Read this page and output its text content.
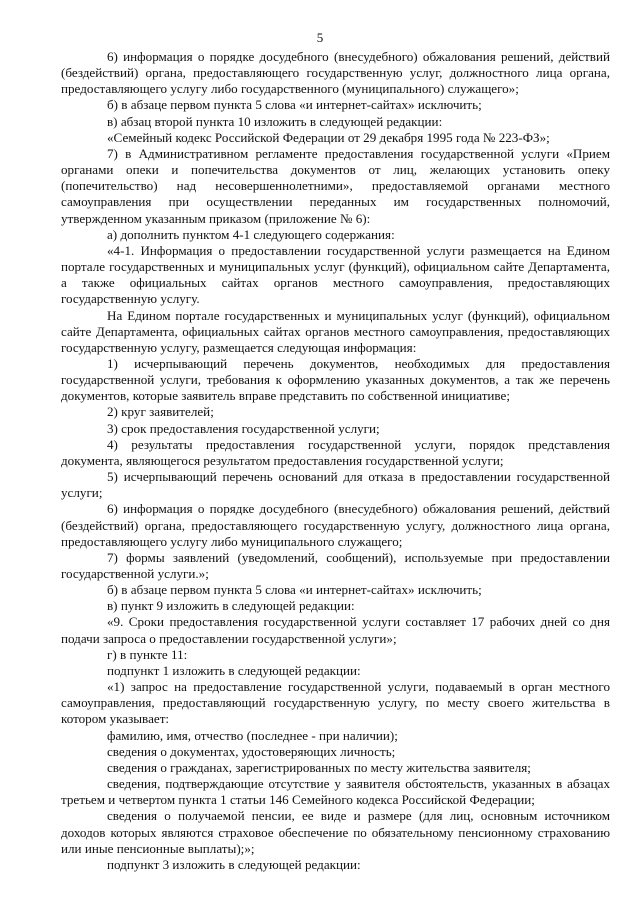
5

6) информация о порядке досудебного (внесудебного) обжалования решений, действий (бездействий) органа, предоставляющего государственную услуг, должностного лица органа, предоставляющего услугу либо государственного (муниципального) служащего»;

б) в абзаце первом пункта 5 слова «и интернет-сайтах» исключить;

в) абзац второй пункта 10 изложить в следующей редакции:

«Семейный кодекс Российской Федерации от 29 декабря 1995 года № 223-ФЗ»;

7) в Административном регламенте предоставления государственной услуги «Прием органами опеки и попечительства документов от лиц, желающих установить опеку (попечительство) над несовершеннолетними», предоставляемой органами местного самоуправления при осуществлении переданных им государственных полномочий, утвержденном указанным приказом (приложение № 6):

а) дополнить пунктом 4-1 следующего содержания:

«4-1. Информация о предоставлении государственной услуги размещается на Едином портале государственных и муниципальных услуг (функций), официальном сайте Департамента, а также официальных сайтах органов местного самоуправления, предоставляющих государственную услугу.

На Едином портале государственных и муниципальных услуг (функций), официальном сайте Департамента, официальных сайтах органов местного самоуправления, предоставляющих государственную услугу, размещается следующая информация:

1) исчерпывающий перечень документов, необходимых для предоставления государственной услуги, требования к оформлению указанных документов, а так же перечень документов, которые заявитель вправе представить по собственной инициативе;

2) круг заявителей;

3) срок предоставления государственной услуги;

4) результаты предоставления государственной услуги, порядок представления документа, являющегося результатом предоставления государственной услуги;

5) исчерпывающий перечень оснований для отказа в предоставлении государственной услуги;

6) информация о порядке досудебного (внесудебного) обжалования решений, действий (бездействий) органа, предоставляющего государственную услугу, должностного лица органа, предоставляющего услугу либо муниципального служащего;

7) формы заявлений (уведомлений, сообщений), используемые при предоставлении государственной услуги.»;

б) в абзаце первом пункта 5 слова «и интернет-сайтах» исключить;

в) пункт 9 изложить в следующей редакции:

«9. Сроки предоставления государственной услуги составляет 17 рабочих дней со дня подачи запроса о предоставлении государственной услуги»;

г) в пункте 11:

подпункт 1 изложить в следующей редакции:

«1) запрос на предоставление государственной услуги, подаваемый в орган местного самоуправления, предоставляющий государственную услугу, по месту своего жительства в котором указывает:

фамилию, имя, отчество (последнее - при наличии);

сведения о документах, удостоверяющих личность;

сведения о гражданах, зарегистрированных по месту жительства заявителя;

сведения, подтверждающие отсутствие у заявителя обстоятельств, указанных в абзацах третьем и четвертом пункта 1 статьи 146 Семейного кодекса Российской Федерации;

сведения о получаемой пенсии, ее виде и размере (для лиц, основным источником доходов которых являются страховое обеспечение по обязательному пенсионному страхованию или иные пенсионные выплаты);»;

подпункт 3 изложить в следующей редакции:
